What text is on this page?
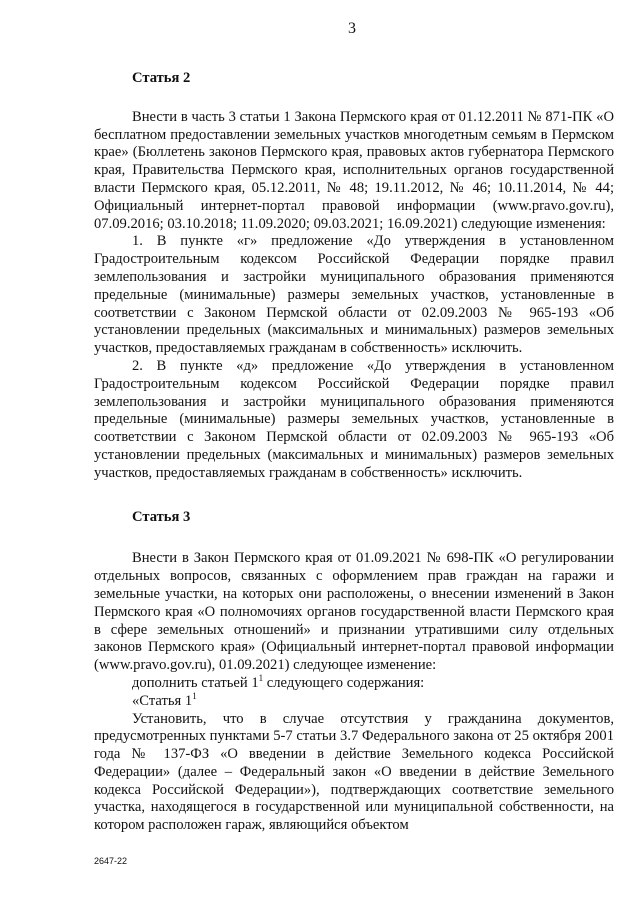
3
Статья 2

Внести в часть 3 статьи 1 Закона Пермского края от 01.12.2011 № 871-ПК «О бесплатном предоставлении земельных участков многодетным семьям в Пермском крае» (Бюллетень законов Пермского края, правовых актов губернатора Пермского края, Правительства Пермского края, исполнительных органов государственной власти Пермского края, 05.12.2011, № 48; 19.11.2012, № 46; 10.11.2014, № 44; Официальный интернет-портал правовой информации (www.pravo.gov.ru), 07.09.2016; 03.10.2018; 11.09.2020; 09.03.2021; 16.09.2021) следующие изменения:

1. В пункте «г» предложение «До утверждения в установленном Градостроительным кодексом Российской Федерации порядке правил землепользования и застройки муниципального образования применяются предельные (минимальные) размеры земельных участков, установленные в соответствии с Законом Пермской области от 02.09.2003 № 965-193 «Об установлении предельных (максимальных и минимальных) размеров земельных участков, предоставляемых гражданам в собственность» исключить.

2. В пункте «д» предложение «До утверждения в установленном Градостроительным кодексом Российской Федерации порядке правил землепользования и застройки муниципального образования применяются предельные (минимальные) размеры земельных участков, установленные в соответствии с Законом Пермской области от 02.09.2003 № 965-193 «Об установлении предельных (максимальных и минимальных) размеров земельных участков, предоставляемых гражданам в собственность» исключить.

Статья 3

Внести в Закон Пермского края от 01.09.2021 № 698-ПК «О регулировании отдельных вопросов, связанных с оформлением прав граждан на гаражи и земельные участки, на которых они расположены, о внесении изменений в Закон Пермского края «О полномочиях органов государственной власти Пермского края в сфере земельных отношений» и признании утратившими силу отдельных законов Пермского края» (Официальный интернет-портал правовой информации (www.pravo.gov.ru), 01.09.2021) следующее изменение:

дополнить статьей $1^1$ следующего содержания:

«Статья $1^1$

Установить, что в случае отсутствия у гражданина документов, предусмотренных пунктами 5-7 статьи 3.7 Федерального закона от 25 октября 2001 года № 137-ФЗ «О введении в действие Земельного кодекса Российской Федерации» (далее – Федеральный закон «О введении в действие Земельного кодекса Российской Федерации»), подтверждающих соответствие земельного участка, находящегося в государственной или муниципальной собственности, на котором расположен гараж, являющийся объектом

2647-22
